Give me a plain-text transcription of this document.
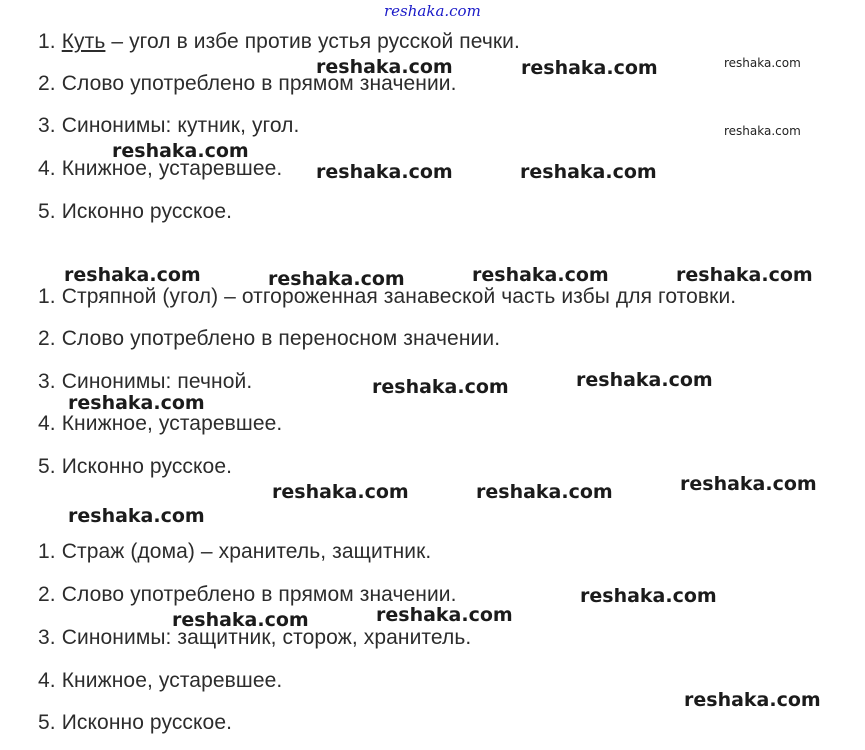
1. Куть – угол в избе против устья русской печки.
2. Слово употреблено в прямом значении.
3. Синонимы: кутник, угол.
4. Книжное, устаревшее.
5. Исконно русское.
1. Стряпной (угол) – отгороженная занавеской часть избы для готовки.
2. Слово употреблено в переносном значении.
3. Синонимы: печной.
4. Книжное, устаревшее.
5. Исконно русское.
1. Страж (дома) – хранитель, защитник.
2. Слово употреблено в прямом значении.
3. Синонимы: защитник, сторож, хранитель.
4. Книжное, устаревшее.
5. Исконно русское.
reshaka.com
reshaka.com	reshaka.com	reshaka.com
reshaka.com
reshaka.com
reshaka.com	reshaka.com
reshaka.com	reshaka.com	reshaka.com	reshaka.com
reshaka.com	reshaka.com
reshaka.com
reshaka.com	reshaka.com	reshaka.com
reshaka.com
reshaka.com
reshaka.com
reshaka.com
reshaka.com
